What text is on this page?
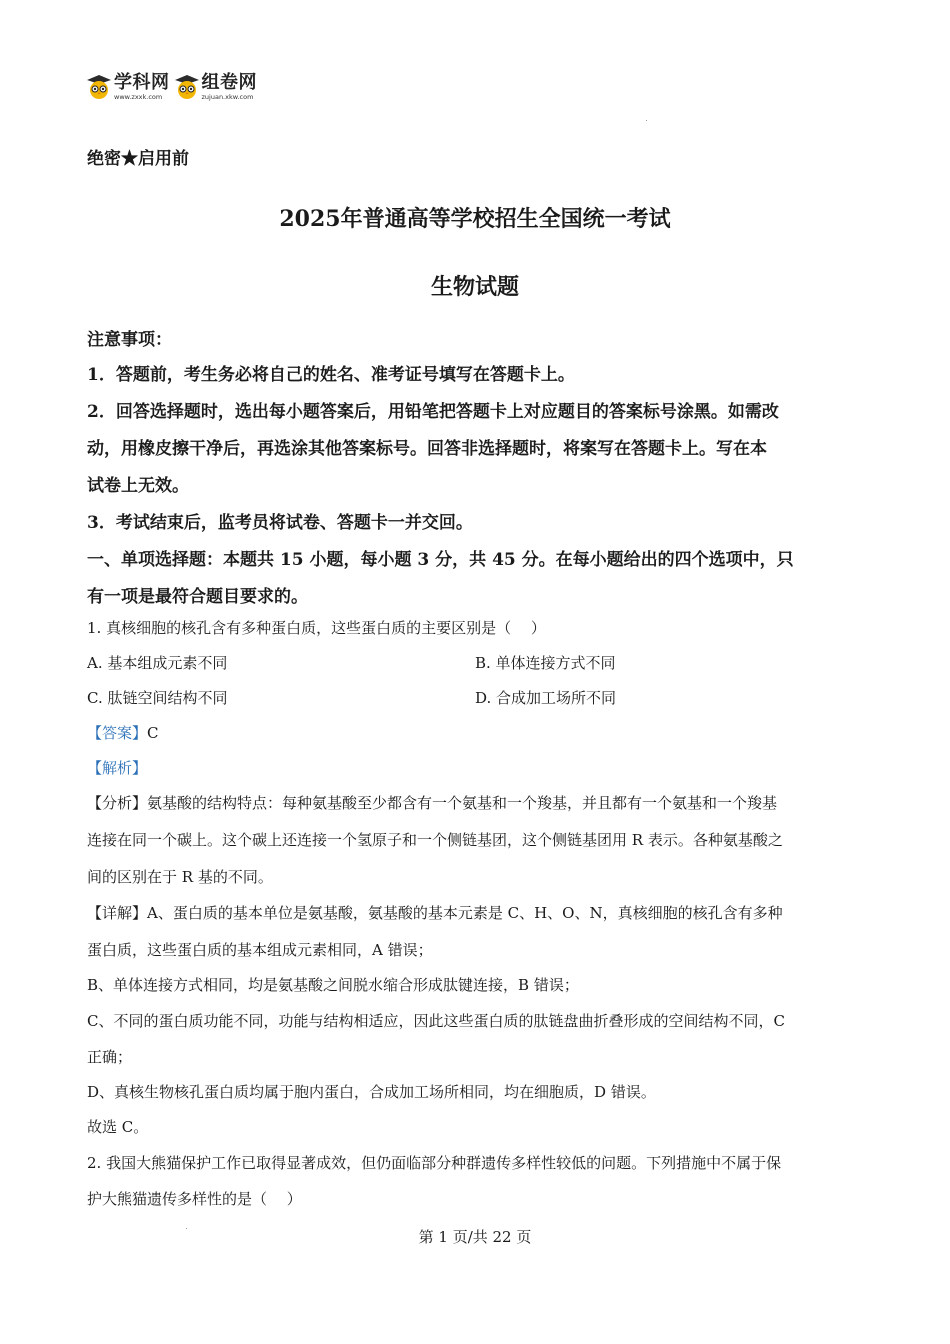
学科网
www.zxxk.com
组卷网
zujuan.xkw.com
绝密★启用前
2025年普通高等学校招生全国统一考试
生物试题
注意事项：
1．答题前，考生务必将自己的姓名、准考证号填写在答题卡上。
2．回答选择题时，选出每小题答案后，用铅笔把答题卡上对应题目的答案标号涂黑。如需改
动，用橡皮擦干净后，再选涂其他答案标号。回答非选择题时，将案写在答题卡上。写在本
试卷上无效。
3．考试结束后，监考员将试卷、答题卡一并交回。
一、单项选择题：本题共 15 小题，每小题 3 分，共 45 分。在每小题给出的四个选项中，只
有一项是最符合题目要求的。
1. 真核细胞的核孔含有多种蛋白质，这些蛋白质的主要区别是（　 ）
A. 基本组成元素不同	B. 单体连接方式不同
C. 肽链空间结构不同	D. 合成加工场所不同
【答案】C
【解析】
【分析】氨基酸的结构特点：每种氨基酸至少都含有一个氨基和一个羧基，并且都有一个氨基和一个羧基
连接在同一个碳上。这个碳上还连接一个氢原子和一个侧链基团，这个侧链基团用 R 表示。各种氨基酸之
间的区别在于 R 基的不同。
【详解】A、蛋白质的基本单位是氨基酸，氨基酸的基本元素是 C、H、O、N，真核细胞的核孔含有多种
蛋白质，这些蛋白质的基本组成元素相同，A 错误；
B、单体连接方式相同，均是氨基酸之间脱水缩合形成肽键连接，B 错误；
C、不同的蛋白质功能不同，功能与结构相适应，因此这些蛋白质的肽链盘曲折叠形成的空间结构不同，C
正确；
D、真核生物核孔蛋白质均属于胞内蛋白，合成加工场所相同，均在细胞质，D 错误。
故选 C。
2. 我国大熊猫保护工作已取得显著成效，但仍面临部分种群遗传多样性较低的问题。下列措施中不属于保
护大熊猫遗传多样性的是（　 ）
第 1 页/共 22 页
